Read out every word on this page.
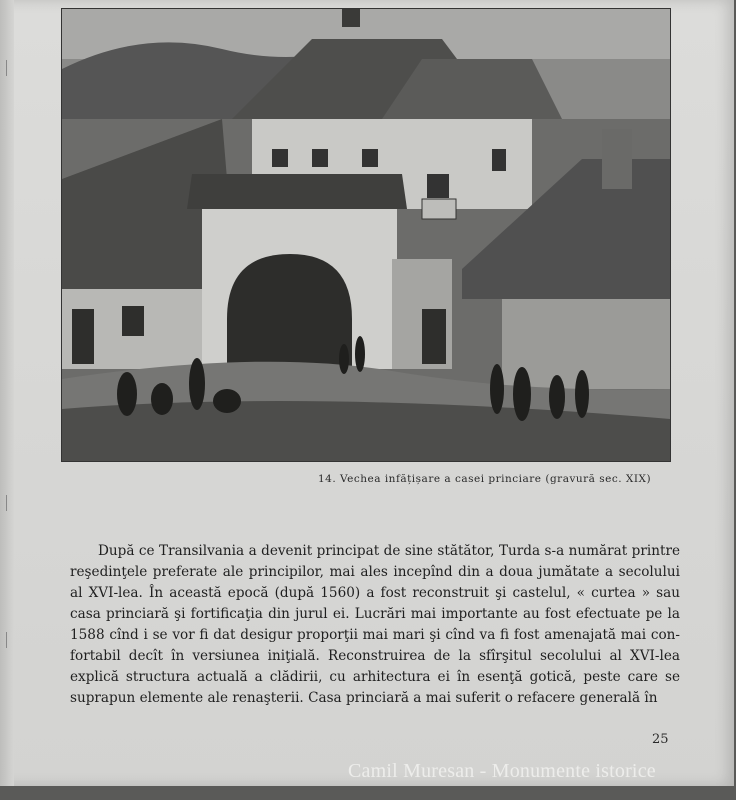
14. Vechea infățișare a casei princiare (gravură sec. XIX)
După ce Transilvania a devenit principat de sine stătător, Turda s-a numărat printre
reşedinţele preferate ale principilor, mai ales incepînd din a doua jumătate a secolului
al XVI-lea. În această epocă (după 1560) a fost reconstruit şi castelul, « curtea » sau
casa princiară şi fortificaţia din jurul ei. Lucrări mai importante au fost efectuate pe la
1588 cînd i se vor fi dat desigur proporţii mai mari şi cînd va fi fost amenajată mai con-
fortabil decît în versiunea iniţială. Reconstruirea de la sfîrşitul secolului al XVI-lea
explică structura actuală a clădirii, cu arhitectura ei în esenţă gotică, peste care se
suprapun elemente ale renaşterii. Casa princiară a mai suferit o refacere generală în
25
Camil Muresan - Monumente istorice
